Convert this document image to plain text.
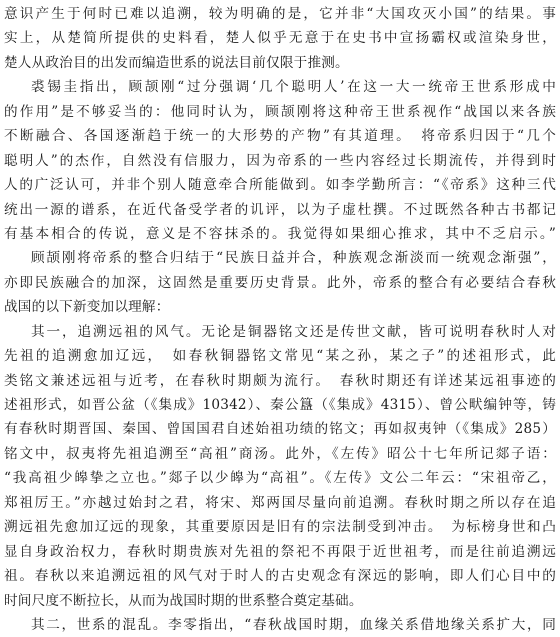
意识产生于何时已难以追溯，较为明确的是，它并非“大国攻灭小国”的结果。事
实上，从楚简所提供的史料看，楚人似乎无意于在史书中宣扬霸权或渲染身世，
楚人从政治目的出发而编造世系的说法目前仅限于推测。
裘锡圭指出，顾颉刚“过分强调‘几个聪明人’在这一大一统帝王世系形成中
的作用”是不够妥当的：他同时认为，顾颉刚将这种帝王世系视作“战国以来各族
不断融合、各国逐渐趋于统一的大形势的产物”有其道理。　将帝系归因于“几个
聪明人”的杰作，自然没有信服力，因为帝系的一些内容经过长期流传，并得到时
人的广泛认可，并非个别人随意牵合所能做到。如李学勤所言：“《帝系》这种三代
统出一源的谱系，在近代备受学者的讥评，以为子虚杜撰。不过既然各种古书都记
有基本相合的传说，意义是不容抹杀的。我觉得如果细心推求，其中不乏启示。”
顾颉刚将帝系的整合归结于“民族日益并合，种族观念渐淡而一统观念渐强”，
亦即民族融合的加深，这固然是重要历史背景。此外，帝系的整合有必要结合春秋
战国的以下新变加以理解：
其一，追溯远祖的风气。无论是铜器铭文还是传世文献，皆可说明春秋时人对
先祖的追溯愈加辽远，　如春秋铜器铭文常见“某之孙，某之子”的述祖形式，此
类铭文兼述远祖与近考，在春秋时期颇为流行。　春秋时期还有详述某远祖事迹的
述祖形式，如晋公盆（《集成》10342）、秦公簋（《集成》4315）、曾公畎编钟等，铸
有春秋时期晋国、秦国、曾国国君自述始祖功绩的铭文；再如叔夷钟（《集成》285）
铭文中，叔夷将先祖追溯至“高祖”商汤。此外，《左传》昭公十七年所记郯子语：
“我高祖少皞挚之立也。”郯子以少皞为“高祖”。《左传》文公二年云：“宋祖帝乙，
郑祖厉王。”亦越过始封之君，将宋、郑两国尽量向前追溯。春秋时期之所以存在追
溯远祖先愈加辽远的现象，其重要原因是旧有的宗法制受到冲击。　为标榜身世和凸
显自身政治权力，春秋时期贵族对先祖的祭祀不再限于近世祖考，而是往前追溯远
祖。春秋以来追溯远祖的风气对于时人的古史观念有深远的影响，即人们心目中的
时间尺度不断拉长，从而为战国时期的世系整合奠定基础。
其二，世系的混乱。李零指出，“春秋战国时期，血缘关系借地缘关系扩大，同
